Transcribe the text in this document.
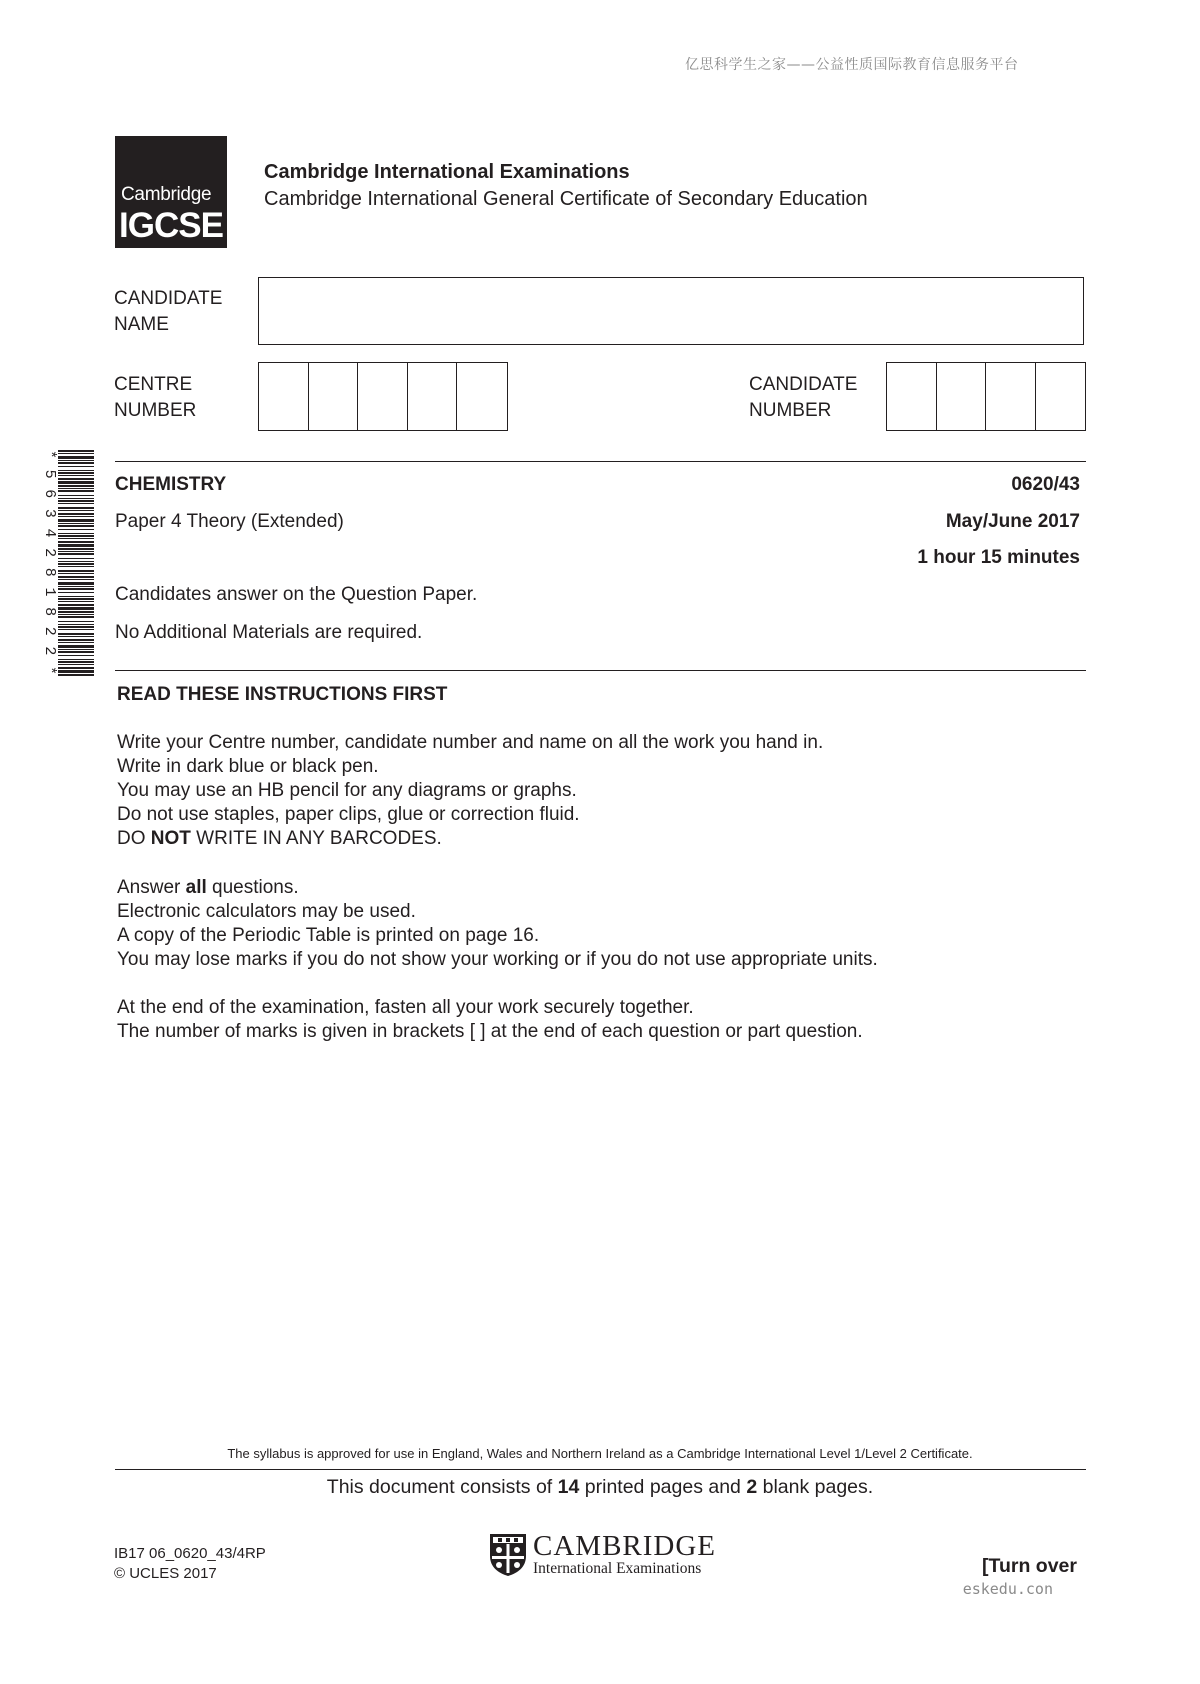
亿思科学生之家——公益性质国际教育信息服务平台
Cambridge
IGCSE
Cambridge International Examinations
Cambridge International General Certificate of Secondary Education
CANDIDATE
NAME
CENTRE
NUMBER
CANDIDATE
NUMBER
*5634281822*
CHEMISTRY
Paper 4 Theory (Extended)
0620/43
May/June 2017
1 hour 15 minutes
Candidates answer on the Question Paper.
No Additional Materials are required.
READ THESE INSTRUCTIONS FIRST

Write your Centre number, candidate number and name on all the work you hand in.

Write in dark blue or black pen.

You may use an HB pencil for any diagrams or graphs.

Do not use staples, paper clips, glue or correction fluid.

DO NOT WRITE IN ANY BARCODES.

Answer all questions.

Electronic calculators may be used.

A copy of the Periodic Table is printed on page 16.

You may lose marks if you do not show your working or if you do not use appropriate units.

At the end of the examination, fasten all your work securely together.

The number of marks is given in brackets [ ] at the end of each question or part question.

The syllabus is approved for use in England, Wales and Northern Ireland as a Cambridge International Level 1/Level 2 Certificate.
This document consists of 14 printed pages and 2 blank pages.
IB17 06_0620_43/4RP
© UCLES 2017
CAMBRIDGE
International Examinations	[Turn over
eskedu.con
